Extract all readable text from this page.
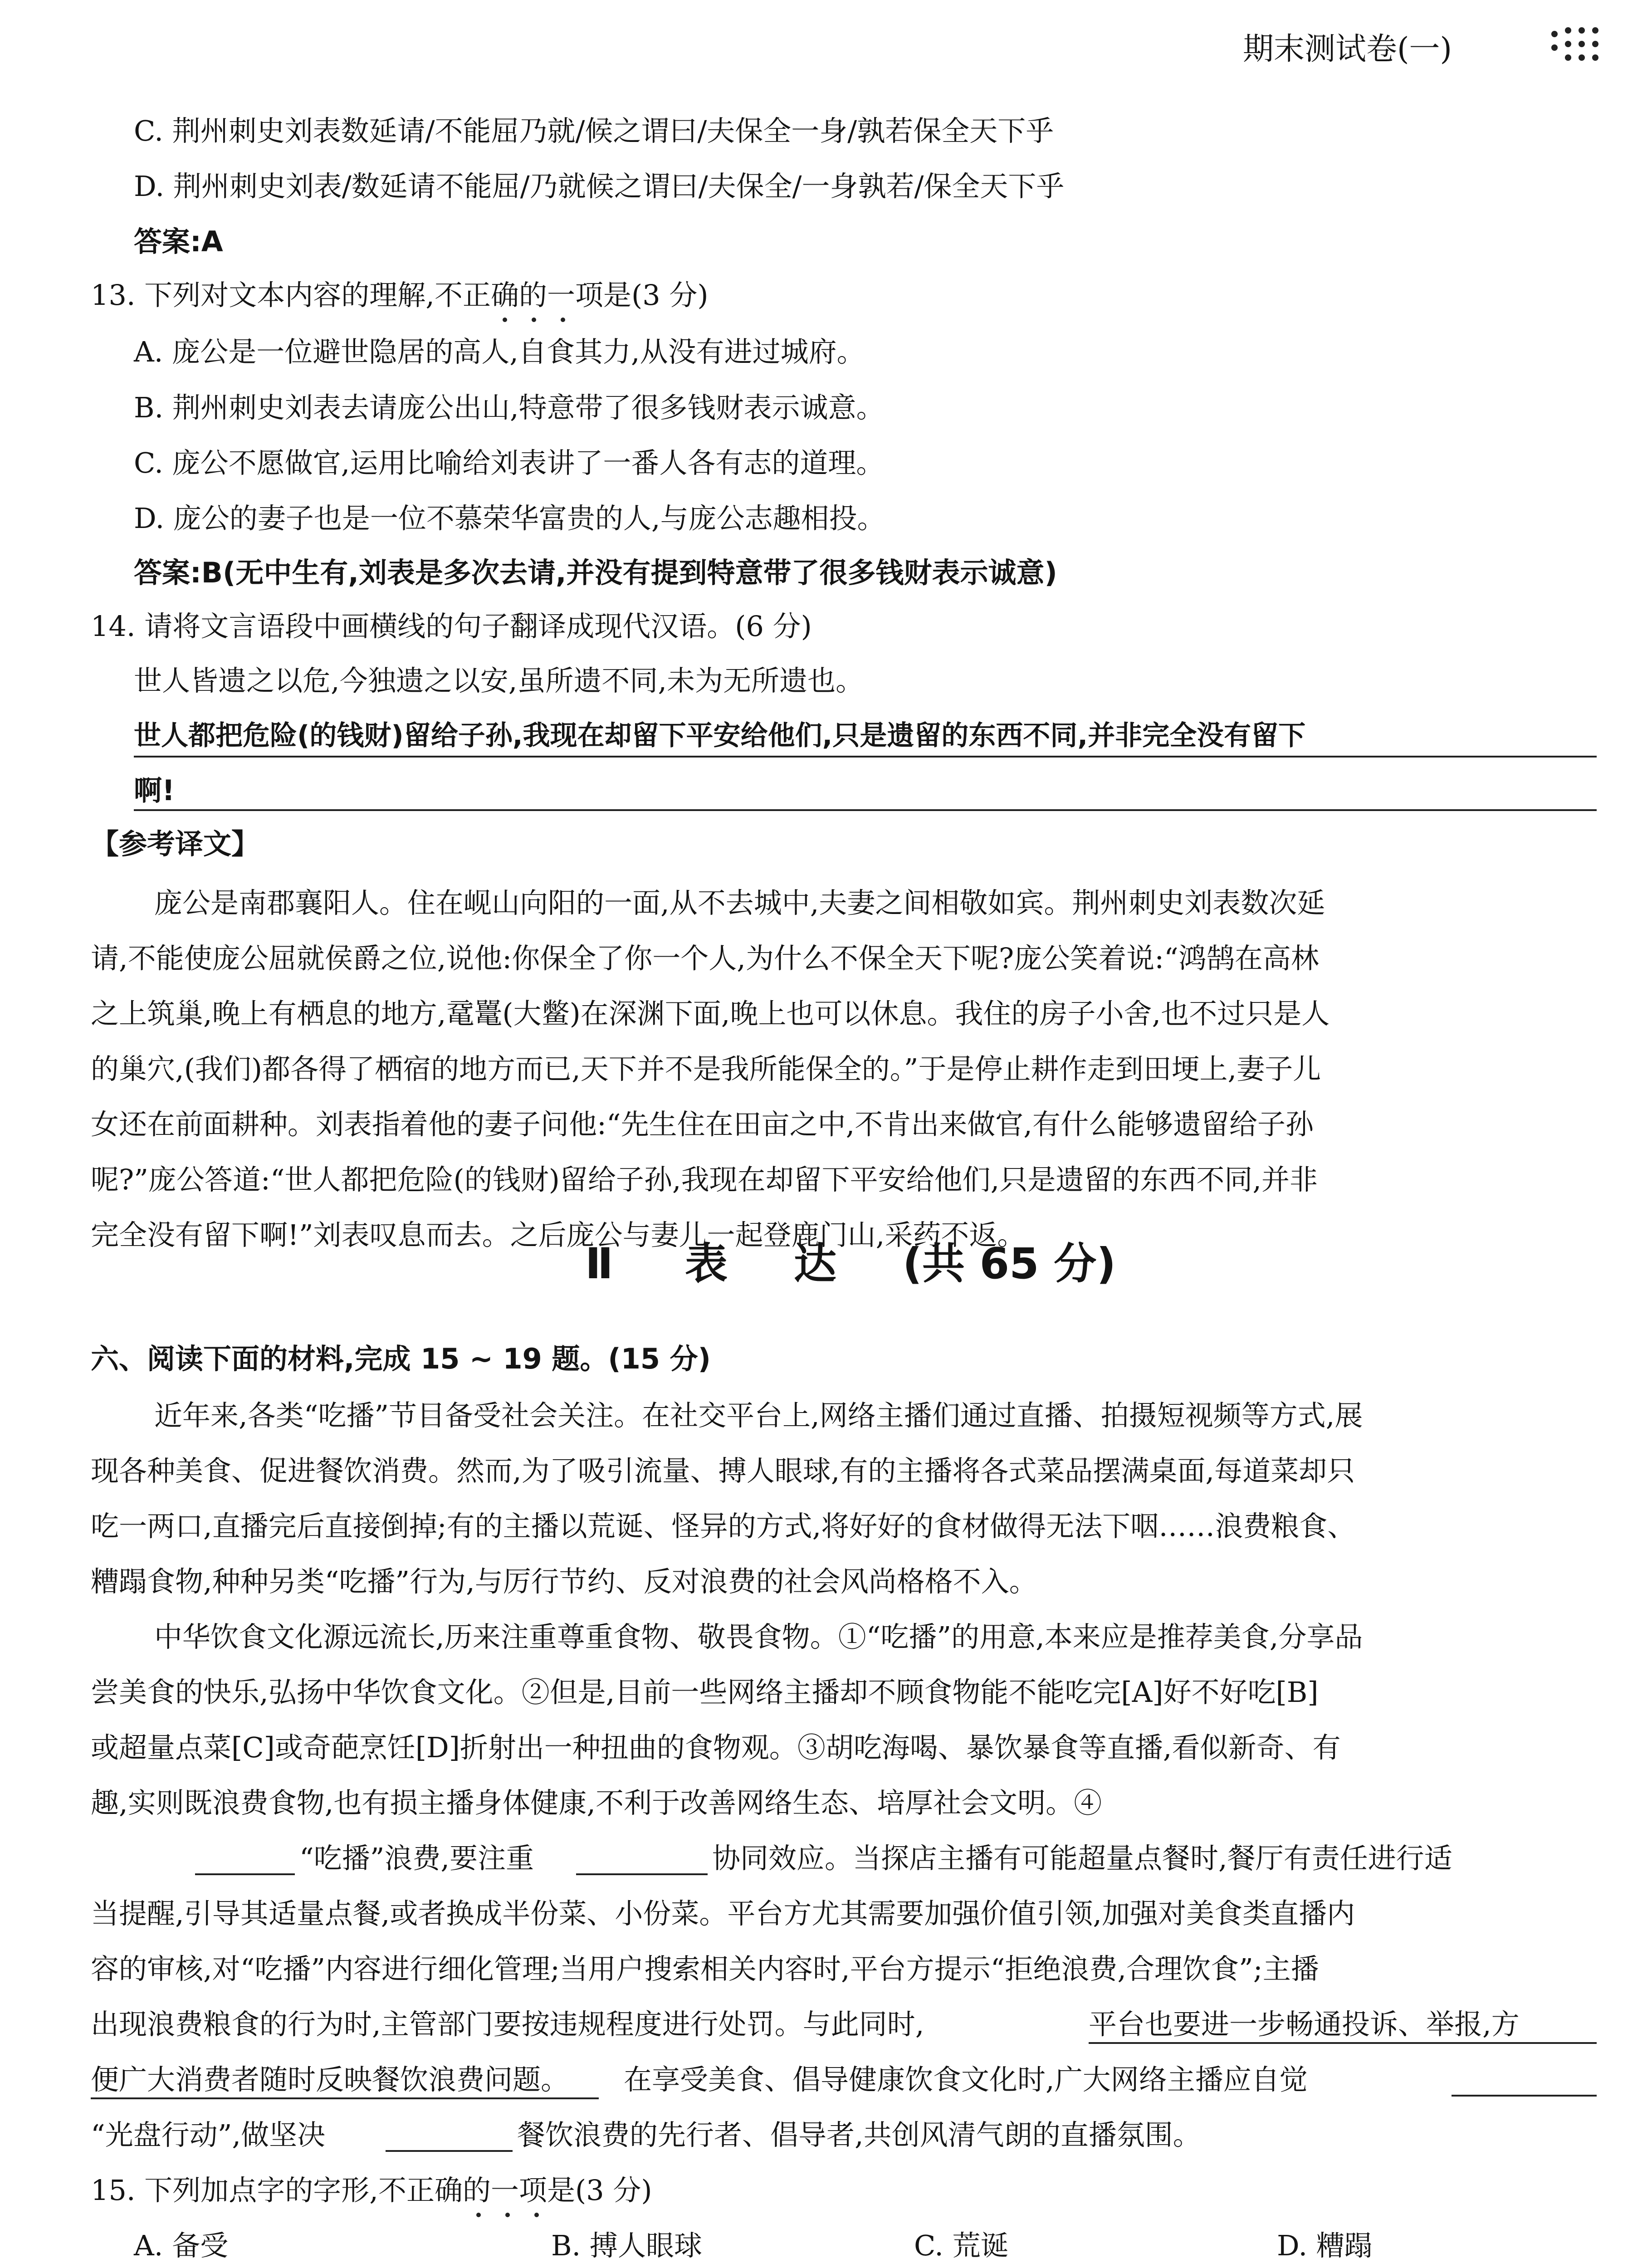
期末测试卷(一)
C. 荆州刺史刘表数延请/不能屈乃就/候之谓曰/夫保全一身/孰若保全天下乎
D. 荆州刺史刘表/数延请不能屈/乃就候之谓曰/夫保全/一身孰若/保全天下乎
答案:A
13. 下列对文本内容的理解,不正确的一项是(3 分)
A. 庞公是一位避世隐居的高人,自食其力,从没有进过城府。
B. 荆州刺史刘表去请庞公出山,特意带了很多钱财表示诚意。
C. 庞公不愿做官,运用比喻给刘表讲了一番人各有志的道理。
D. 庞公的妻子也是一位不慕荣华富贵的人,与庞公志趣相投。
答案:B(无中生有,刘表是多次去请,并没有提到特意带了很多钱财表示诚意)
14. 请将文言语段中画横线的句子翻译成现代汉语。(6 分)
世人皆遗之以危,今独遗之以安,虽所遗不同,未为无所遗也。
世人都把危险(的钱财)留给子孙,我现在却留下平安给他们,只是遗留的东西不同,并非完全没有留下
啊!
【参考译文】
庞公是南郡襄阳人。住在岘山向阳的一面,从不去城中,夫妻之间相敬如宾。荆州刺史刘表数次延
请,不能使庞公屈就侯爵之位,说他:你保全了你一个人,为什么不保全天下呢?庞公笑着说:“鸿鹄在高林
之上筑巢,晚上有栖息的地方,鼋鼍(大鳖)在深渊下面,晚上也可以休息。我住的房子小舍,也不过只是人
的巢穴,(我们)都各得了栖宿的地方而已,天下并不是我所能保全的。”于是停止耕作走到田埂上,妻子儿
女还在前面耕种。刘表指着他的妻子问他:“先生住在田亩之中,不肯出来做官,有什么能够遗留给子孙
呢?”庞公答道:“世人都把危险(的钱财)留给子孙,我现在却留下平安给他们,只是遗留的东西不同,并非
完全没有留下啊!”刘表叹息而去。之后庞公与妻儿一起登鹿门山,采药不返。
Ⅱ 表 达 (共 65 分)
六、阅读下面的材料,完成 15 ~ 19 题。(15 分)
近年来,各类“吃播”节目备受社会关注。在社交平台上,网络主播们通过直播、拍摄短视频等方式,展
现各种美食、促进餐饮消费。然而,为了吸引流量、搏人眼球,有的主播将各式菜品摆满桌面,每道菜却只
吃一两口,直播完后直接倒掉;有的主播以荒诞、怪异的方式,将好好的食材做得无法下咽……浪费粮食、
糟蹋食物,种种另类“吃播”行为,与厉行节约、反对浪费的社会风尚格格不入。
中华饮食文化源远流长,历来注重尊重食物、敬畏食物。①“吃播”的用意,本来应是推荐美食,分享品
尝美食的快乐,弘扬中华饮食文化。②但是,目前一些网络主播却不顾食物能不能吃完[A]好不好吃[B]
或超量点菜[C]或奇葩烹饪[D]折射出一种扭曲的食物观。③胡吃海喝、暴饮暴食等直播,看似新奇、有
趣,实则既浪费食物,也有损主播身体健康,不利于改善网络生态、培厚社会文明。④
“吃播”浪费,要注重	协同效应。当探店主播有可能超量点餐时,餐厅有责任进行适
当提醒,引导其适量点餐,或者换成半份菜、小份菜。平台方尤其需要加强价值引领,加强对美食类直播内
容的审核,对“吃播”内容进行细化管理;当用户搜索相关内容时,平台方提示“拒绝浪费,合理饮食”;主播
出现浪费粮食的行为时,主管部门要按违规程度进行处罚。与此同时,	平台也要进一步畅通投诉、举报,方
便广大消费者随时反映餐饮浪费问题。 在享受美食、倡导健康饮食文化时,广大网络主播应自觉
“光盘行动”,做坚决	餐饮浪费的先行者、倡导者,共创风清气朗的直播氛围。
15. 下列加点字的字形,不正确的一项是(3 分)
A. 备受	B. 搏人眼球	C. 荒诞	D. 糟蹋
